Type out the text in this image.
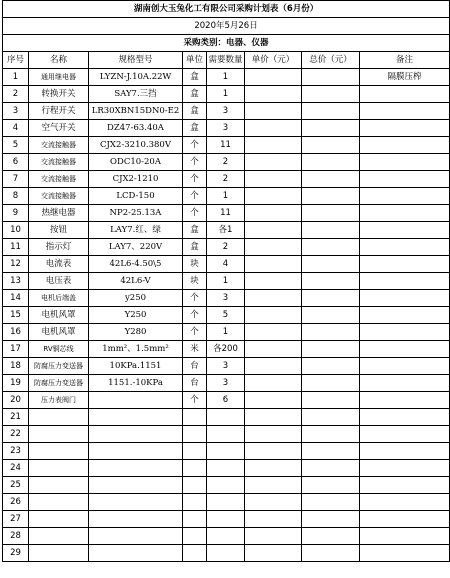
湖南创大玉兔化工有限公司采购计划表（6月份）							
2020年5月26日							
采购类别：电器、仪器							
序号	名称	规格型号	单位	需要数量	单价（元）	总价（元）	备注
1	通用继电器	LYZN-J.10A.22W	盒	1			隔膜压榨
2	转换开关	SAY7.三挡	盒	1			
3	行程开关	LR30XBN15DN0-E2	盒	3			
4	空气开关	DZ47-63.40A	盒	3			
5	交流接触器	CJX2-3210.380V	个	11			
6	交流接触器	ODC10-20A	个	2			
7	交流接触器	CJX2-1210	个	2			
8	交流接触器	LCD-150	个	1			
9	热继电器	NP2-25.13A	个	11			
10	按钮	LAY7.红、绿	盒	各1			
11	指示灯	LAY7、220V	盒	2			
12	电流表	42L6-4.50\5	块	4			
13	电压表	42L6-V	块	1			
14	电机后端盖	y250	个	3			
15	电机风罩	Y250	个	5			
16	电机风罩	Y280	个	1			
17	RV铜芯线	1mm²、1.5mm²	米	各200			
18	防腐压力变送器	10KPa.1151	台	3			
19	防腐压力变送器	1151.-10KPa	台	3			
20	压力表阀门		个	6			
21							
22							
23							
24							
25							
26							
27							
28							
29							
